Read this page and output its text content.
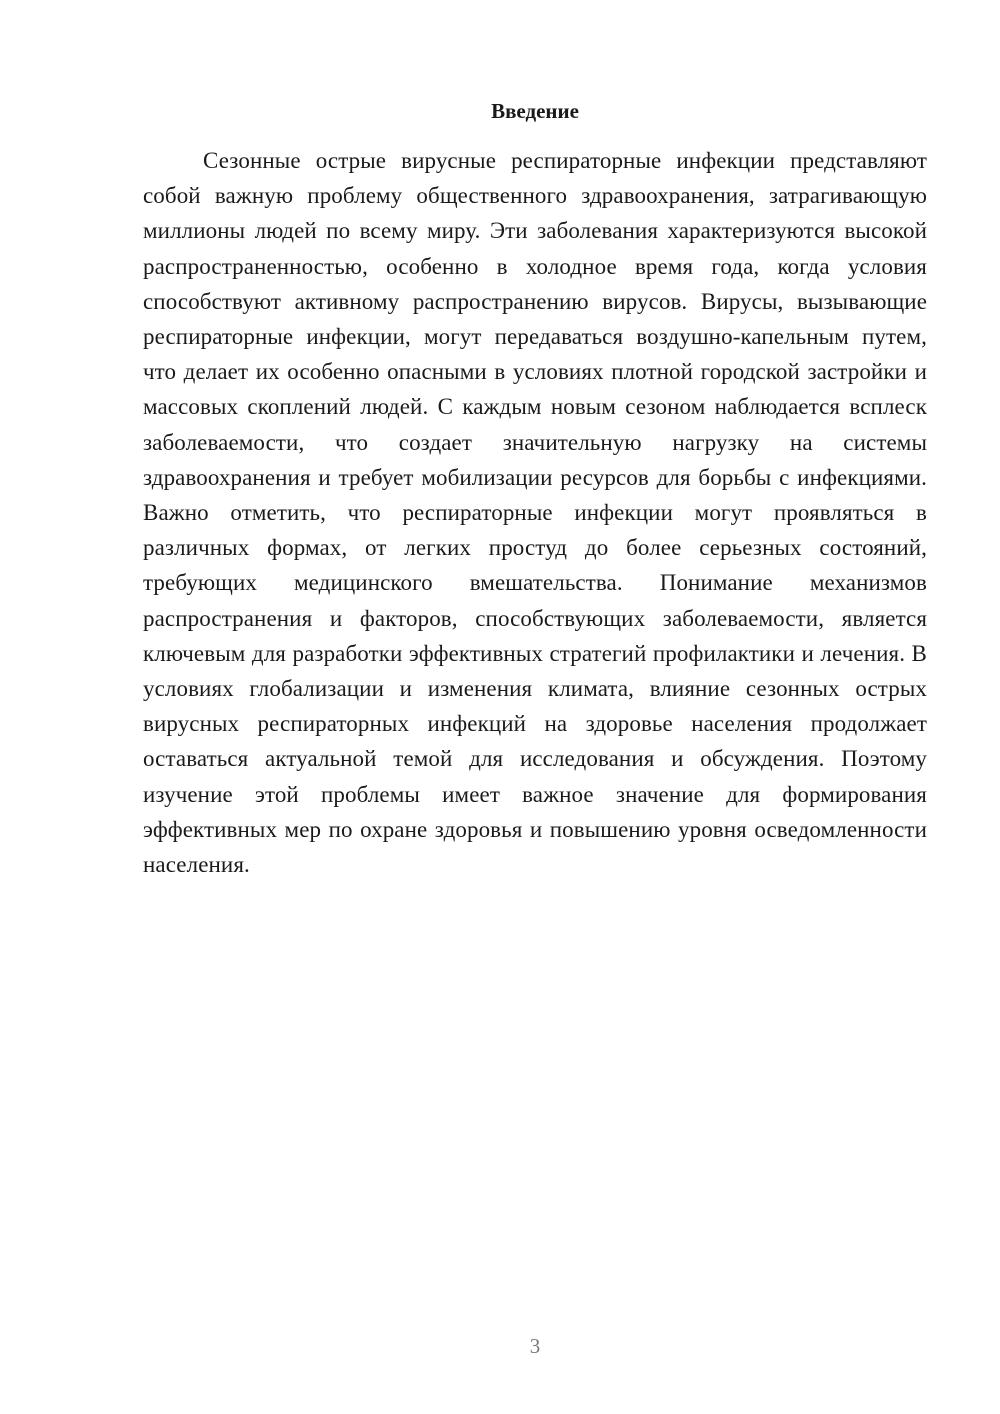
Введение

Сезонные острые вирусные респираторные инфекции представляют собой важную проблему общественного здравоохранения, затрагивающую миллионы людей по всему миру. Эти заболевания характеризуются высокой распространенностью, особенно в холодное время года, когда условия способствуют активному распространению вирусов. Вирусы, вызывающие респираторные инфекции, могут передаваться воздушно-капельным путем, что делает их особенно опасными в условиях плотной городской застройки и массовых скоплений людей. С каждым новым сезоном наблюдается всплеск заболеваемости, что создает значительную нагрузку на системы здравоохранения и требует мобилизации ресурсов для борьбы с инфекциями. Важно отметить, что респираторные инфекции могут проявляться в различных формах, от легких простуд до более серьезных состояний, требующих медицинского вмешательства. Понимание механизмов распространения и факторов, способствующих заболеваемости, является ключевым для разработки эффективных стратегий профилактики и лечения. В условиях глобализации и изменения климата, влияние сезонных острых вирусных респираторных инфекций на здоровье населения продолжает оставаться актуальной темой для исследования и обсуждения. Поэтому изучение этой проблемы имеет важное значение для формирования эффективных мер по охране здоровья и повышению уровня осведомленности населения.

3
